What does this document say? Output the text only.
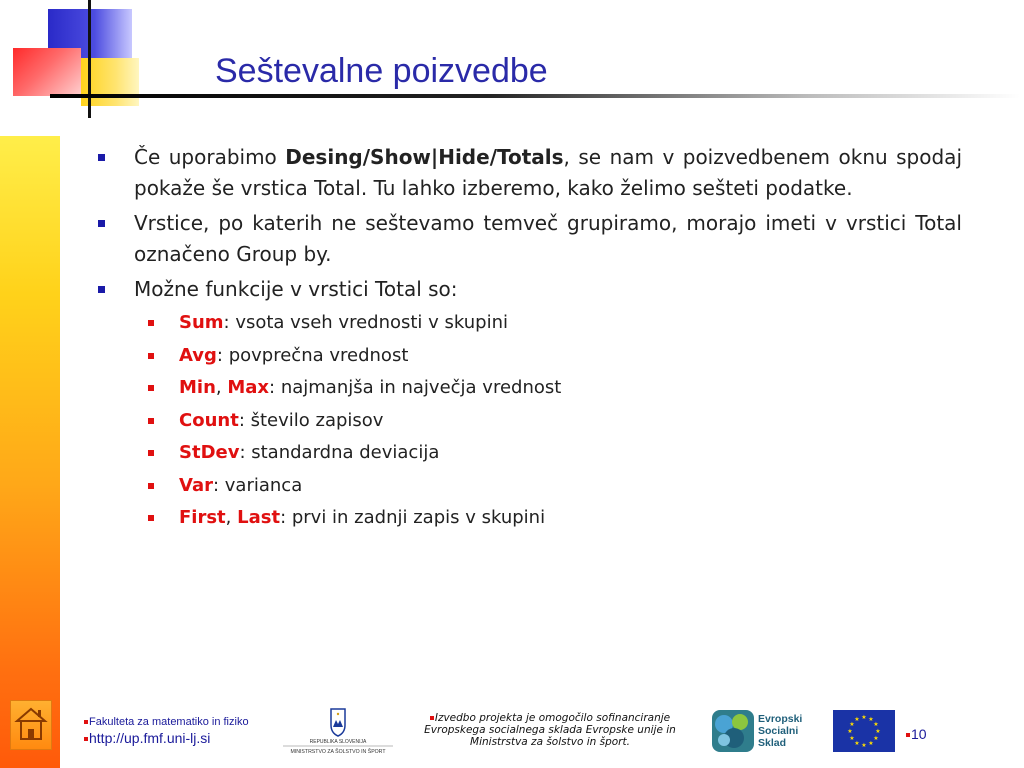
Seštevalne poizvedbe
Če uporabimo Desing/Show|Hide/Totals, se nam v poizvedbenem oknu spodaj pokaže še vrstica Total. Tu lahko izberemo, kako želimo sešteti podatke.
Vrstice, po katerih ne seštevamo temveč grupiramo, morajo imeti v vrstici Total označeno Group by.
Možne funkcije v vrstici Total so:
Sum: vsota vseh vrednosti v skupini
Avg: povprečna vrednost
Min, Max: najmanjša in največja vrednost
Count: število zapisov
StDev: standardna deviacija
Var: varianca
First, Last: prvi in zadnji zapis v skupini
Fakulteta za matematiko in fiziko
http://up.fmf.uni-lj.si	REPUBLIKA SLOVENIJA
MINISTRSTVO ZA ŠOLSTVO IN ŠPORT
Izvedbo projekta je omogočilo sofinanciranje Evropskega socialnega sklada Evropske unije in Ministrstva za šolstvo in šport.
Evropski
Socialni
Sklad
★ ★
★
★
★
★
★
★
★
★
★
★
10
